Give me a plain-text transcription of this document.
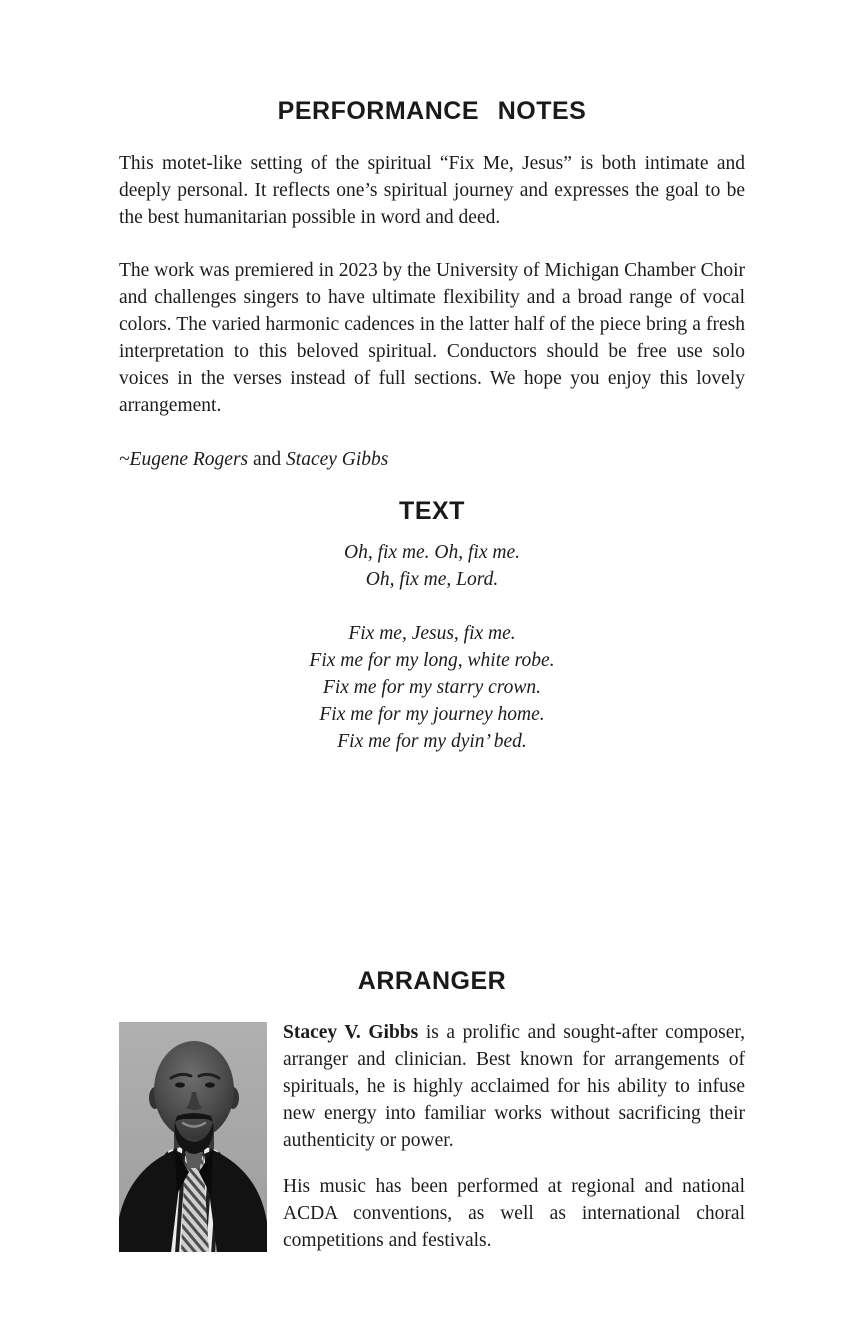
PERFORMANCE NOTES

This motet-like setting of the spiritual “Fix Me, Jesus” is both intimate and deeply personal. It reflects one’s spiritual journey and expresses the goal to be the best humanitarian possible in word and deed.

The work was premiered in 2023 by the University of Michigan Chamber Choir and challenges singers to have ultimate flexibility and a broad range of vocal colors. The varied harmonic cadences in the latter half of the piece bring a fresh interpretation to this beloved spiritual. Conductors should be free use solo voices in the verses instead of full sections. We hope you enjoy this lovely arrangement.

~Eugene Rogers and Stacey Gibbs

TEXT
Oh, fix me. Oh, fix me.
Oh, fix me, Lord.
Fix me, Jesus, fix me.
Fix me for my long, white robe.
Fix me for my starry crown.
Fix me for my journey home.
Fix me for my dyin’ bed.
ARRANGER

Stacey V. Gibbs is a prolific and sought-after composer, arranger and clinician. Best known for arrangements of spirituals, he is highly acclaimed for his ability to infuse new energy into familiar works without sacrificing their authenticity or power.

His music has been performed at regional and national ACDA conventions, as well as international choral competitions and festivals.
